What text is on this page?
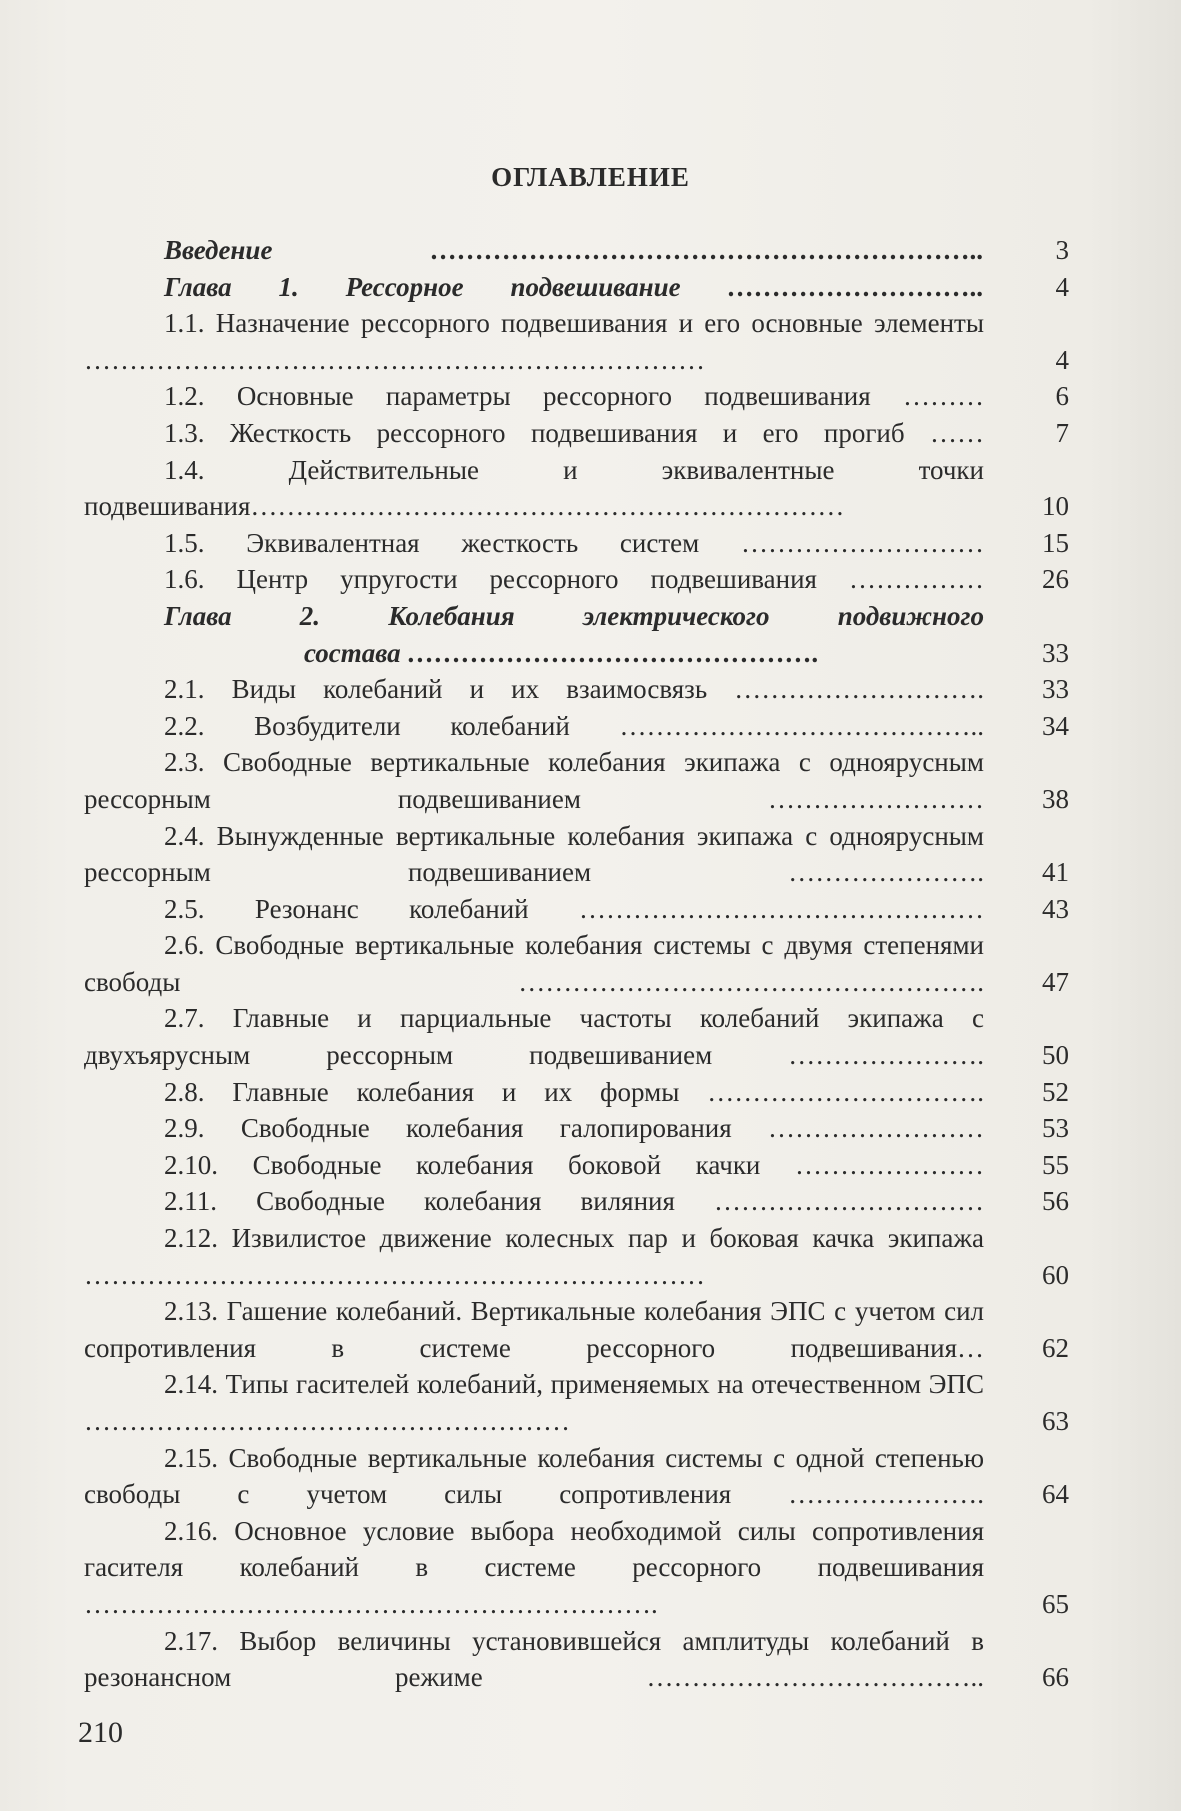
ОГЛАВЛЕНИЕ
Введение ……………………………………………………..	3
Глава 1. Рессорное подвешивание ………………………..	4
1.1. Назначение рессорного подвешивания и его основные элементы ……………………………………………………………	4
1.2. Основные параметры рессорного подвешивания ………	6
1.3. Жесткость рессорного подвешивания и его прогиб ……	7
1.4. Действительные и эквивалентные точки подвешивания…………………………………………………………	10
1.5. Эквивалентная жесткость систем ………………………	15
1.6. Центр упругости рессорного подвешивания ……………	26
Глава 2. Колебания электрического подвижного
состава ……………………………………….	33
2.1. Виды колебаний и их взаимосвязь ……………………….	33
2.2. Возбудители колебаний …………………………………..	34
2.3. Свободные вертикальные колебания экипажа с одноярусным рессорным подвешиванием ……………………	38
2.4. Вынужденные вертикальные колебания экипажа с одноярусным рессорным подвешиванием ………………….	41
2.5. Резонанс колебаний ………………………………………	43
2.6. Свободные вертикальные колебания системы с двумя степенями свободы …………………………………………….	47
2.7. Главные и парциальные частоты колебаний экипажа с двухъярусным рессорным подвешиванием ………………….	50
2.8. Главные колебания и их формы ………………………….	52
2.9. Свободные колебания галопирования ……………………	53
2.10. Свободные колебания боковой качки …………………	55
2.11. Свободные колебания виляния …………………………	56
2.12. Извилистое движение колесных пар и боковая качка экипажа ……………………………………………………………	60
2.13. Гашение колебаний. Вертикальные колебания ЭПС с учетом сил сопротивления в системе рессорного подвешивания…	62
2.14. Типы гасителей колебаний, применяемых на отечественном ЭПС ………………………………………………	63
2.15. Свободные вертикальные колебания системы с одной степенью свободы с учетом силы сопротивления ………………….	64
2.16. Основное условие выбора необходимой силы сопротивления гасителя колебаний в системе рессорного подвешивания ……………………………………………………….	65
2.17. Выбор величины установившейся амплитуды колебаний в резонансном режиме ………………………………..	66
210
